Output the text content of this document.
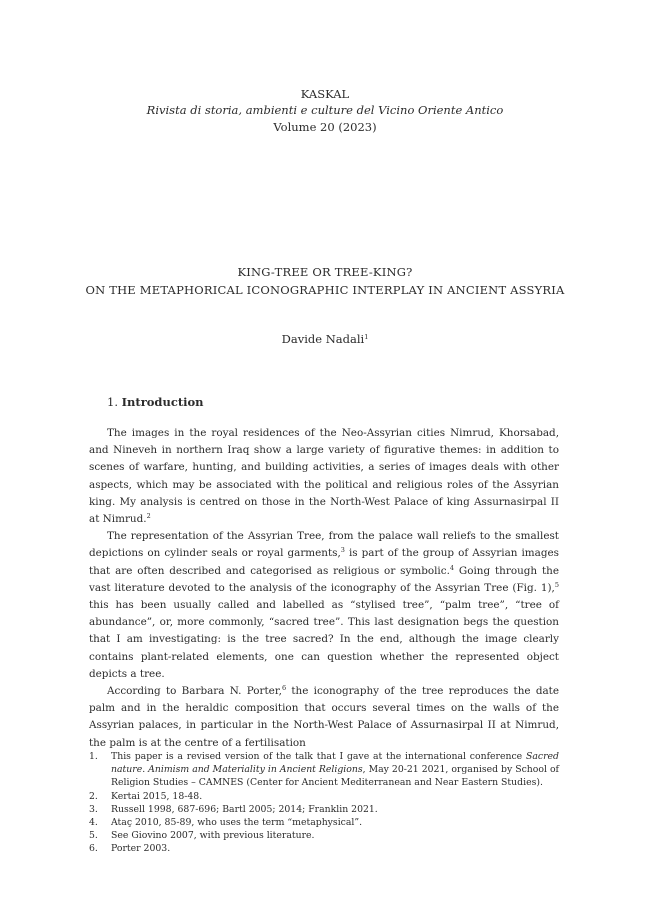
KASKAL
Rivista di storia, ambienti e culture del Vicino Oriente Antico
Volume 20 (2023)
KING-TREE OR TREE-KING?
ON THE METAPHORICAL ICONOGRAPHIC INTERPLAY IN ANCIENT ASSYRIA
Davide Nadali$^1$
1. Introduction

The images in the royal residences of the Neo-Assyrian cities Nimrud, Khorsabad, and Nineveh in northern Iraq show a large variety of figurative themes: in addition to scenes of warfare, hunting, and building activities, a series of images deals with other aspects, which may be associated with the political and religious roles of the Assyrian king. My analysis is centred on those in the North-West Palace of king Assurnasirpal II at Nimrud.$^2$

The representation of the Assyrian Tree, from the palace wall reliefs to the smallest depictions on cylinder seals or royal garments,$^3$ is part of the group of Assyrian images that are often described and categorised as religious or symbolic.$^4$ Going through the vast literature devoted to the analysis of the iconography of the Assyrian Tree (Fig. 1),$^5$ this has been usually called and labelled as “stylised tree”, “palm tree”, “tree of abundance”, or, more commonly, “sacred tree”. This last designation begs the question that I am investigating: is the tree sacred? In the end, although the image clearly contains plant-related elements, one can question whether the represented object depicts a tree.

According to Barbara N. Porter,$^6$ the iconography of the tree reproduces the date palm and in the heraldic composition that occurs several times on the walls of the Assyrian palaces, in particular in the North-West Palace of Assurnasirpal II at Nimrud, the palm is at the centre of a fertilisation

1.	This paper is a revised version of the talk that I gave at the international conference Sacred nature. Animism and Materiality in Ancient Religions, May 20-21 2021, organised by School of Religion Studies – CAMNES (Center for Ancient Mediterranean and Near Eastern Studies).
2.	Kertai 2015, 18-48.
3.	Russell 1998, 687-696; Bartl 2005; 2014; Franklin 2021.
4.	Ataç 2010, 85-89, who uses the term “metaphysical”.
5.	See Giovino 2007, with previous literature.
6.	Porter 2003.
